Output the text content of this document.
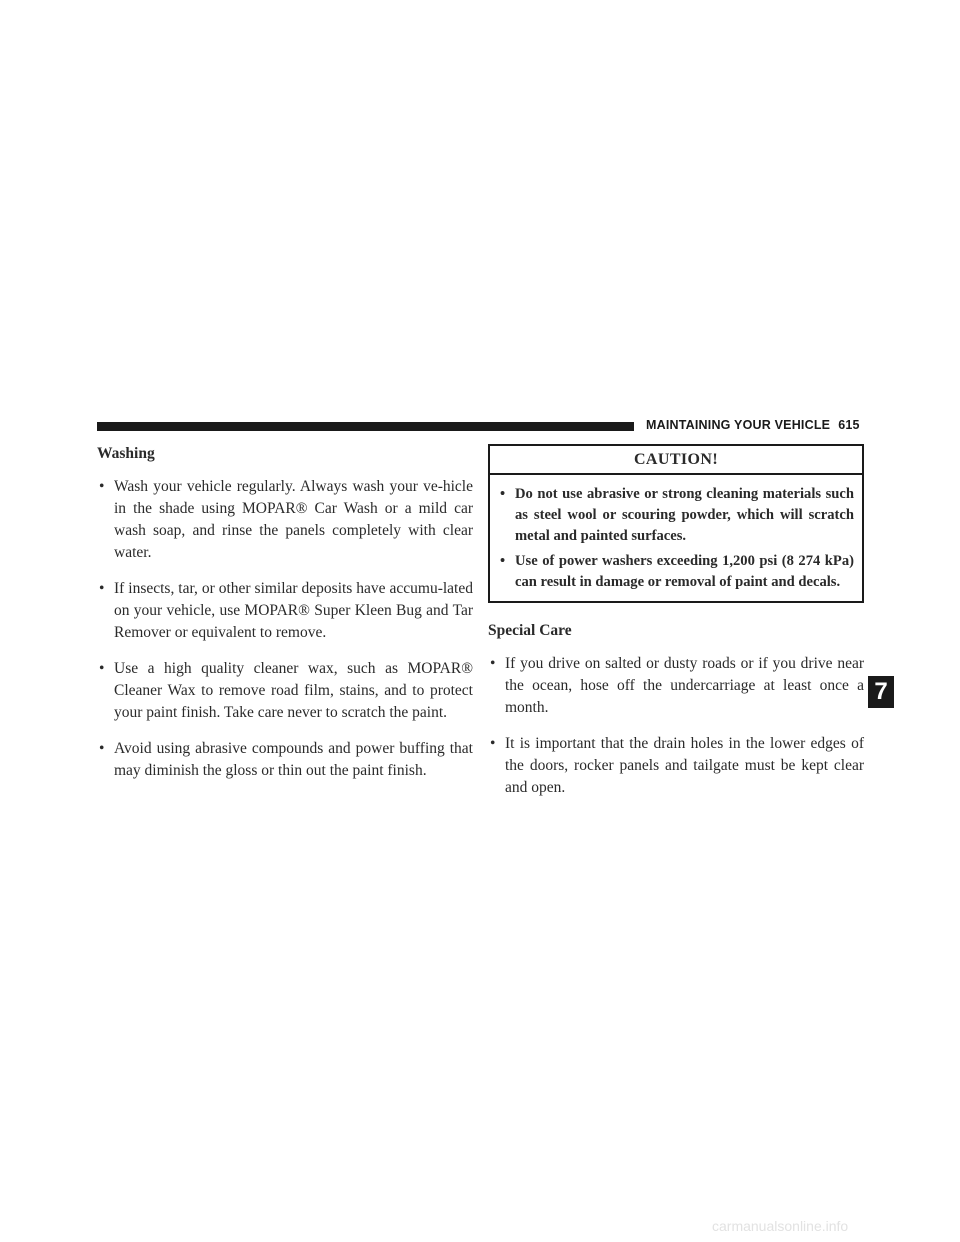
MAINTAINING YOUR VEHICLE 615
Washing
• Wash your vehicle regularly. Always wash your ve-hicle in the shade using MOPAR® Car Wash or a mild car wash soap, and rinse the panels completely with clear water.
• If insects, tar, or other similar deposits have accumu-lated on your vehicle, use MOPAR® Super Kleen Bug and Tar Remover or equivalent to remove.
• Use a high quality cleaner wax, such as MOPAR® Cleaner Wax to remove road film, stains, and to protect your paint finish. Take care never to scratch the paint.
• Avoid using abrasive compounds and power buffing that may diminish the gloss or thin out the paint finish.
CAUTION!
• Do not use abrasive or strong cleaning materials such as steel wool or scouring powder, which will scratch metal and painted surfaces.
• Use of power washers exceeding 1,200 psi (8 274 kPa) can result in damage or removal of paint and decals.
Special Care
• If you drive on salted or dusty roads or if you drive near the ocean, hose off the undercarriage at least once a month.
• It is important that the drain holes in the lower edges of the doors, rocker panels and tailgate must be kept clear and open.
7
carmanualsonline.info
